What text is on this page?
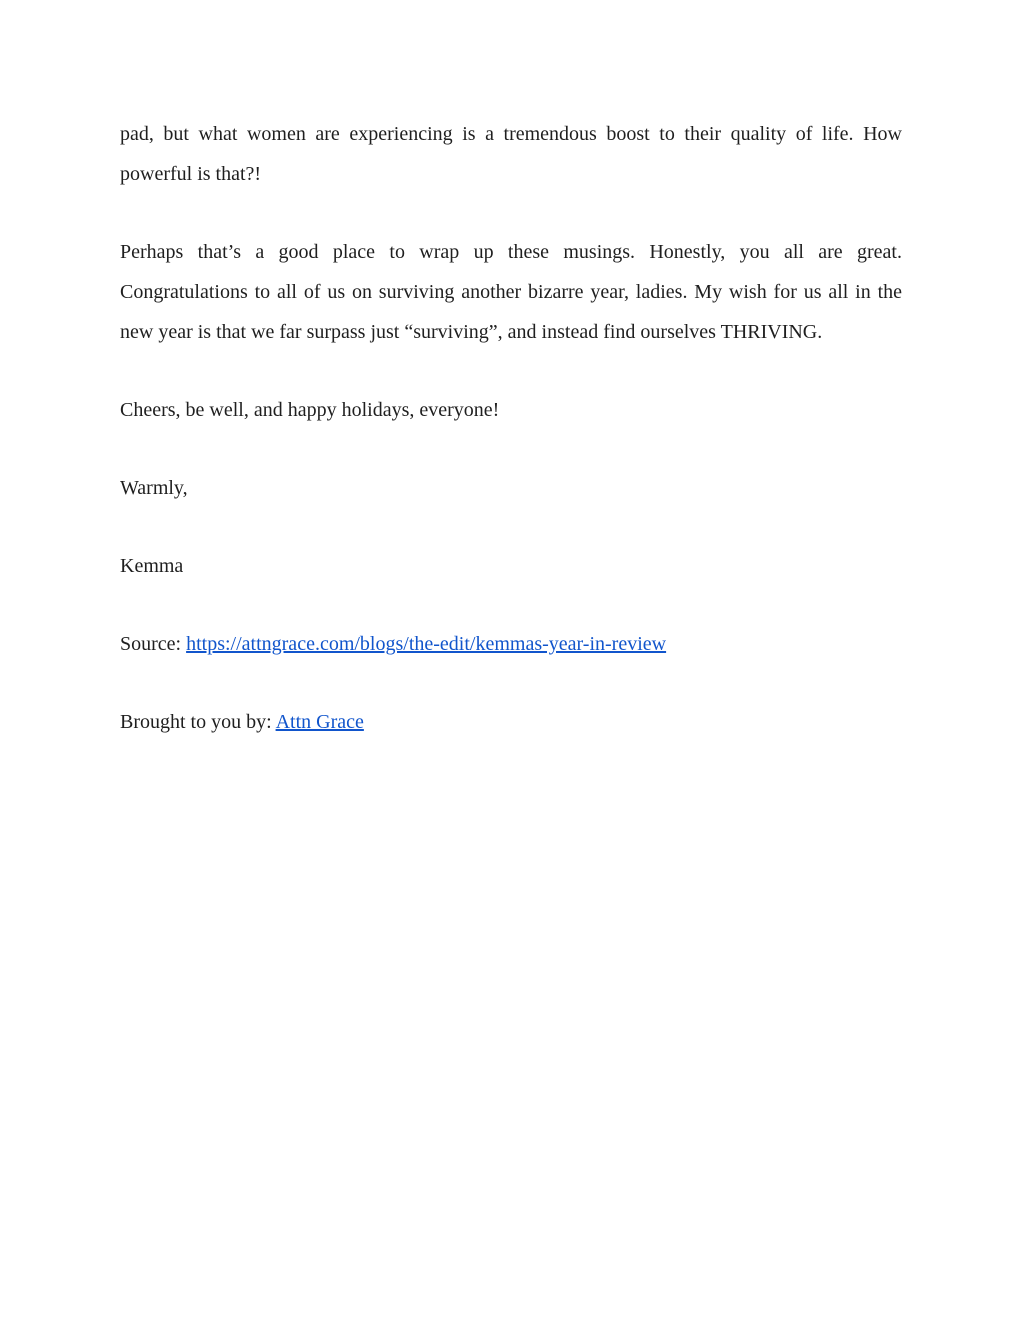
pad, but what women are experiencing is a tremendous boost to their quality of life. How powerful is that?!

Perhaps that’s a good place to wrap up these musings. Honestly, you all are great. Congratulations to all of us on surviving another bizarre year, ladies. My wish for us all in the new year is that we far surpass just “surviving”, and instead find ourselves THRIVING.

Cheers, be well, and happy holidays, everyone!

Warmly,

Kemma

Source: https://attngrace.com/blogs/the-edit/kemmas-year-in-review

Brought to you by: Attn Grace
